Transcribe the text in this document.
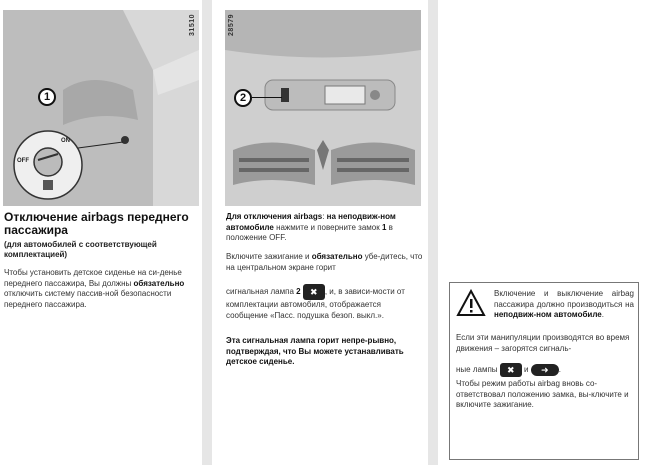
31510
1
ON
OFF
28579
2
Отключение airbags переднего пассажира
(для автомобилей с соответствующей комплектацией)
Чтобы установить детское сиденье на си-денье переднего пассажира, Вы должны обязательно отключить систему пассив-ной безопасности переднего пассажира.
Для отключения airbags: на неподвиж-ном автомобиле нажмите и поверните замок 1 в положение OFF.
Включите зажигание и обязательно убе-дитесь, что на центральном экране горит
сигнальная лампа 2 ✖ , и, в зависи-мости от комплектации автомобиля, отображается сообщение «Пасс. подушка безоп. выкл.».
Эта сигнальная лампа горит непре-рывно, подтверждая, что Вы можете устанавливать детское сиденье.
Включение и выключение airbag пассажира должно производиться на неподвиж-ном автомобиле.
Если эти манипуляции производятся во время движения – загорятся сигналь-
ные лампы ✖ и ➜ .
Чтобы режим работы airbag вновь со-ответствовал положению замка, вы-ключите и включите зажигание.
